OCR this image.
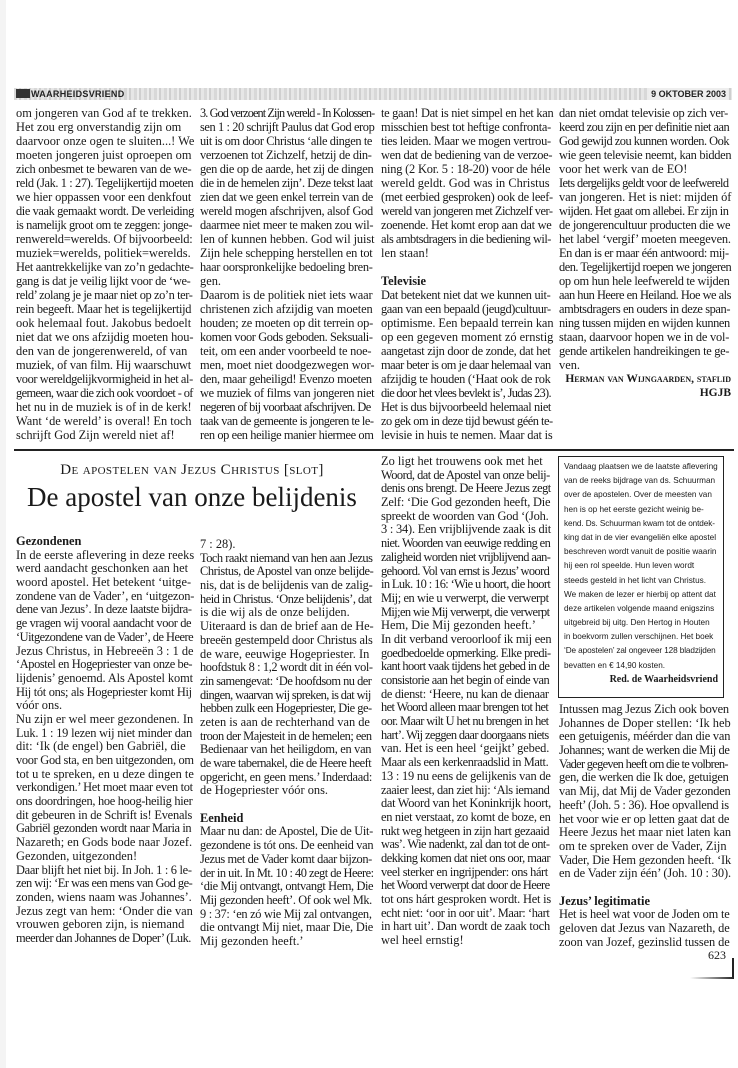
WAARHEIDSVRIEND	9 OKTOBER 2003
om jongeren van God af te trekken.
Het zou erg onverstandig zijn om
daarvoor onze ogen te sluiten...! We
moeten jongeren juist oproepen om
zich onbesmet te bewaren van de we-
reld (Jak. 1 : 27). Tegelijkertijd moeten
we hier oppassen voor een denkfout
die vaak gemaakt wordt. De verleiding
is namelijk groot om te zeggen: jonge-
renwereld=werelds. Of bijvoorbeeld:
muziek=werelds, politiek=werelds.
Het aantrekkelijke van zo’n gedachte-
gang is dat je veilig lijkt voor de ‘we-
reld’ zolang je je maar niet op zo’n ter-
rein begeeft. Maar het is tegelijkertijd
ook helemaal fout. Jakobus bedoelt
niet dat we ons afzijdig moeten hou-
den van de jongerenwereld, of van
muziek, of van film. Hij waarschuwt
voor wereldgelijkvormigheid in het al-
gemeen, waar die zich ook voordoet - of
het nu in de muziek is of in de kerk!
Want ‘de wereld’ is overal! En toch
schrijft God Zijn wereld niet af!
3. God verzoent Zijn wereld - In Kolossen-
sen 1 : 20 schrijft Paulus dat God erop
uit is om door Christus ‘alle dingen te
verzoenen tot Zichzelf, hetzij de din-
gen die op de aarde, het zij de dingen
die in de hemelen zijn’. Deze tekst laat
zien dat we geen enkel terrein van de
wereld mogen afschrijven, alsof God
daarmee niet meer te maken zou wil-
len of kunnen hebben. God wil juist
Zijn hele schepping herstellen en tot
haar oorspronkelijke bedoeling bren-
gen.
Daarom is de politiek niet iets waar
christenen zich afzijdig van moeten
houden; ze moeten op dit terrein op-
komen voor Gods geboden. Seksuali-
teit, om een ander voorbeeld te noe-
men, moet niet doodgezwegen wor-
den, maar geheiligd! Evenzo moeten
we muziek of films van jongeren niet
negeren of bij voorbaat afschrijven. De
taak van de gemeente is jongeren te le-
ren op een heilige manier hiermee om
te gaan! Dat is niet simpel en het kan
misschien best tot heftige confronta-
ties leiden. Maar we mogen vertrou-
wen dat de bediening van de verzoe-
ning (2 Kor. 5 : 18-20) voor de héle
wereld geldt. God was in Christus
(met eerbied gesproken) ook de leef-
wereld van jongeren met Zichzelf ver-
zoenende. Het komt erop aan dat we
als ambtsdragers in die bediening wil-
len staan!
Televisie
Dat betekent niet dat we kunnen uit-
gaan van een bepaald (jeugd)cultuur-
optimisme. Een bepaald terrein kan
op een gegeven moment zó ernstig
aangetast zijn door de zonde, dat het
maar beter is om je daar helemaal van
afzijdig te houden (‘Haat ook de rok
die door het vlees bevlekt is’, Judas 23).
Het is dus bijvoorbeeld helemaal niet
zo gek om in deze tijd bewust géén te-
levisie in huis te nemen. Maar dat is
dan niet omdat televisie op zich ver-
keerd zou zijn en per definitie niet aan
God gewijd zou kunnen worden. Ook
wie geen televisie neemt, kan bidden
voor het werk van de EO!
Iets dergelijks geldt voor de leefwereld
van jongeren. Het is niet: mijden óf
wijden. Het gaat om allebei. Er zijn in
de jongerencultuur producten die we
het label ‘vergif’ moeten meegeven.
En dan is er maar één antwoord: mij-
den. Tegelijkertijd roepen we jongeren
op om hun hele leefwereld te wijden
aan hun Heere en Heiland. Hoe we als
ambtsdragers en ouders in deze span-
ning tussen mijden en wijden kunnen
staan, daarvoor hopen we in de vol-
gende artikelen handreikingen te ge-
ven.
Herman van Wijngaarden, staflid
HGJB
De apostelen van Jezus Christus [slot]
De apostel van onze belijdenis
Gezondenen
In de eerste aflevering in deze reeks
werd aandacht geschonken aan het
woord apostel. Het betekent ‘uitge-
zondene van de Vader’, en ‘uitgezon-
dene van Jezus’. In deze laatste bijdra-
ge vragen wij vooral aandacht voor de
‘Uitgezondene van de Vader’, de Heere
Jezus Christus, in Hebreeën 3 : 1 de
‘Apostel en Hogepriester van onze be-
lijdenis’ genoemd. Als Apostel komt
Hij tót ons; als Hogepriester komt Hij
vóór ons.
Nu zijn er wel meer gezondenen. In
Luk. 1 : 19 lezen wij niet minder dan
dit: ‘Ik (de engel) ben Gabriël, die
voor God sta, en ben uitgezonden, om
tot u te spreken, en u deze dingen te
verkondigen.’ Het moet maar even tot
ons doordringen, hoe hoog-heilig hier
dit gebeuren in de Schrift is! Evenals
Gabriël gezonden wordt naar Maria in
Nazareth; en Gods bode naar Jozef.
Gezonden, uitgezonden!
Daar blijft het niet bij. In Joh. 1 : 6 le-
zen wij: ‘Er was een mens van God ge-
zonden, wiens naam was Johannes’.
Jezus zegt van hem: ‘Onder die van
vrouwen geboren zijn, is niemand
meerder dan Johannes de Doper’ (Luk.
7 : 28).
Toch raakt niemand van hen aan Jezus
Christus, de Apostel van onze belijde-
nis, dat is de belijdenis van de zalig-
heid in Christus. ‘Onze belijdenis’, dat
is die wij als de onze belijden.
Uiteraard is dan de brief aan de He-
breeën gestempeld door Christus als
de ware, eeuwige Hogepriester. In
hoofdstuk 8 : 1,2 wordt dit in één vol-
zin samengevat: ‘De hoofdsom nu der
dingen, waarvan wij spreken, is dat wij
hebben zulk een Hogepriester, Die ge-
zeten is aan de rechterhand van de
troon der Majesteit in de hemelen; een
Bedienaar van het heiligdom, en van
de ware tabernakel, die de Heere heeft
opgericht, en geen mens.’ Inderdaad:
de Hogepriester vóór ons.
Eenheid
Maar nu dan: de Apostel, Die de Uit-
gezondene is tót ons. De eenheid van
Jezus met de Vader komt daar bijzon-
der in uit. In Mt. 10 : 40 zegt de Heere:
‘die Mij ontvangt, ontvangt Hem, Die
Mij gezonden heeft’. Of ook wel Mk.
9 : 37: ‘en zó wie Mij zal ontvangen,
die ontvangt Mij niet, maar Die, Die
Mij gezonden heeft.’
Zo ligt het trouwens ook met het
Woord, dat de Apostel van onze belij-
denis ons brengt. De Heere Jezus zegt
Zelf: ‘Die God gezonden heeft, Die
spreekt de woorden van God ‘(Joh.
3 : 34). Een vrijblijvende zaak is dit
niet. Woorden van eeuwige redding en
zaligheid worden niet vrijblijvend aan-
gehoord. Vol van ernst is Jezus’ woord
in Luk. 10 : 16: ‘Wie u hoort, die hoort
Mij; en wie u verwerpt, die verwerpt
Mij;en wie Mij verwerpt, die verwerpt
Hem, Die Mij gezonden heeft.’
In dit verband veroorloof ik mij een
goedbedoelde opmerking. Elke predi-
kant hoort vaak tijdens het gebed in de
consistorie aan het begin of einde van
de dienst: ‘Heere, nu kan de dienaar
het Woord alleen maar brengen tot het
oor. Maar wilt U het nu brengen in het
hart’. Wij zeggen daar doorgaans niets
van. Het is een heel ‘geijkt’ gebed.
Maar als een kerkenraadslid in Matt.
13 : 19 nu eens de gelijkenis van de
zaaier leest, dan ziet hij: ‘Als iemand
dat Woord van het Koninkrijk hoort,
en niet verstaat, zo komt de boze, en
rukt weg hetgeen in zijn hart gezaaid
was’. Wie nadenkt, zal dan tot de ont-
dekking komen dat niet ons oor, maar
veel sterker en ingrijpender: ons hárt
het Woord verwerpt dat door de Heere
tot ons hárt gesproken wordt. Het is
echt niet: ‘oor in oor uit’. Maar: ‘hart
in hart uit’. Dan wordt de zaak toch
wel heel ernstig!
Intussen mag Jezus Zich ook boven
Johannes de Doper stellen: ‘Ik heb
een getuigenis, méérder dan die van
Johannes; want de werken die Mij de
Vader gegeven heeft om die te volbren-
gen, die werken die Ik doe, getuigen
van Mij, dat Mij de Vader gezonden
heeft’ (Joh. 5 : 36). Hoe opvallend is
het voor wie er op letten gaat dat de
Heere Jezus het maar niet laten kan
om te spreken over de Vader, Zijn
Vader, Die Hem gezonden heeft. ‘Ik
en de Vader zijn één’ (Joh. 10 : 30).
Jezus’ legitimatie
Het is heel wat voor de Joden om te
geloven dat Jezus van Nazareth, de
zoon van Jozef, gezinslid tussen de
Vandaag plaatsen we de laatste aflevering
van de reeks bijdrage van ds. Schuurman
over de apostelen. Over de meesten van
hen is op het eerste gezicht weinig be-
kend. Ds. Schuurman kwam tot de ontdek-
king dat in de vier evangeliën elke apostel
beschreven wordt vanuit de positie waarin
hij een rol speelde. Hun leven wordt
steeds gesteld in het licht van Christus.
We maken de lezer er hierbij op attent dat
deze artikelen volgende maand enigszins
uitgebreid bij uitg. Den Hertog in Houten
in boekvorm zullen verschijnen. Het boek
‘De apostelen’ zal ongeveer 128 bladzijden
bevatten en € 14,90 kosten.
Red. de Waarheidsvriend
623
